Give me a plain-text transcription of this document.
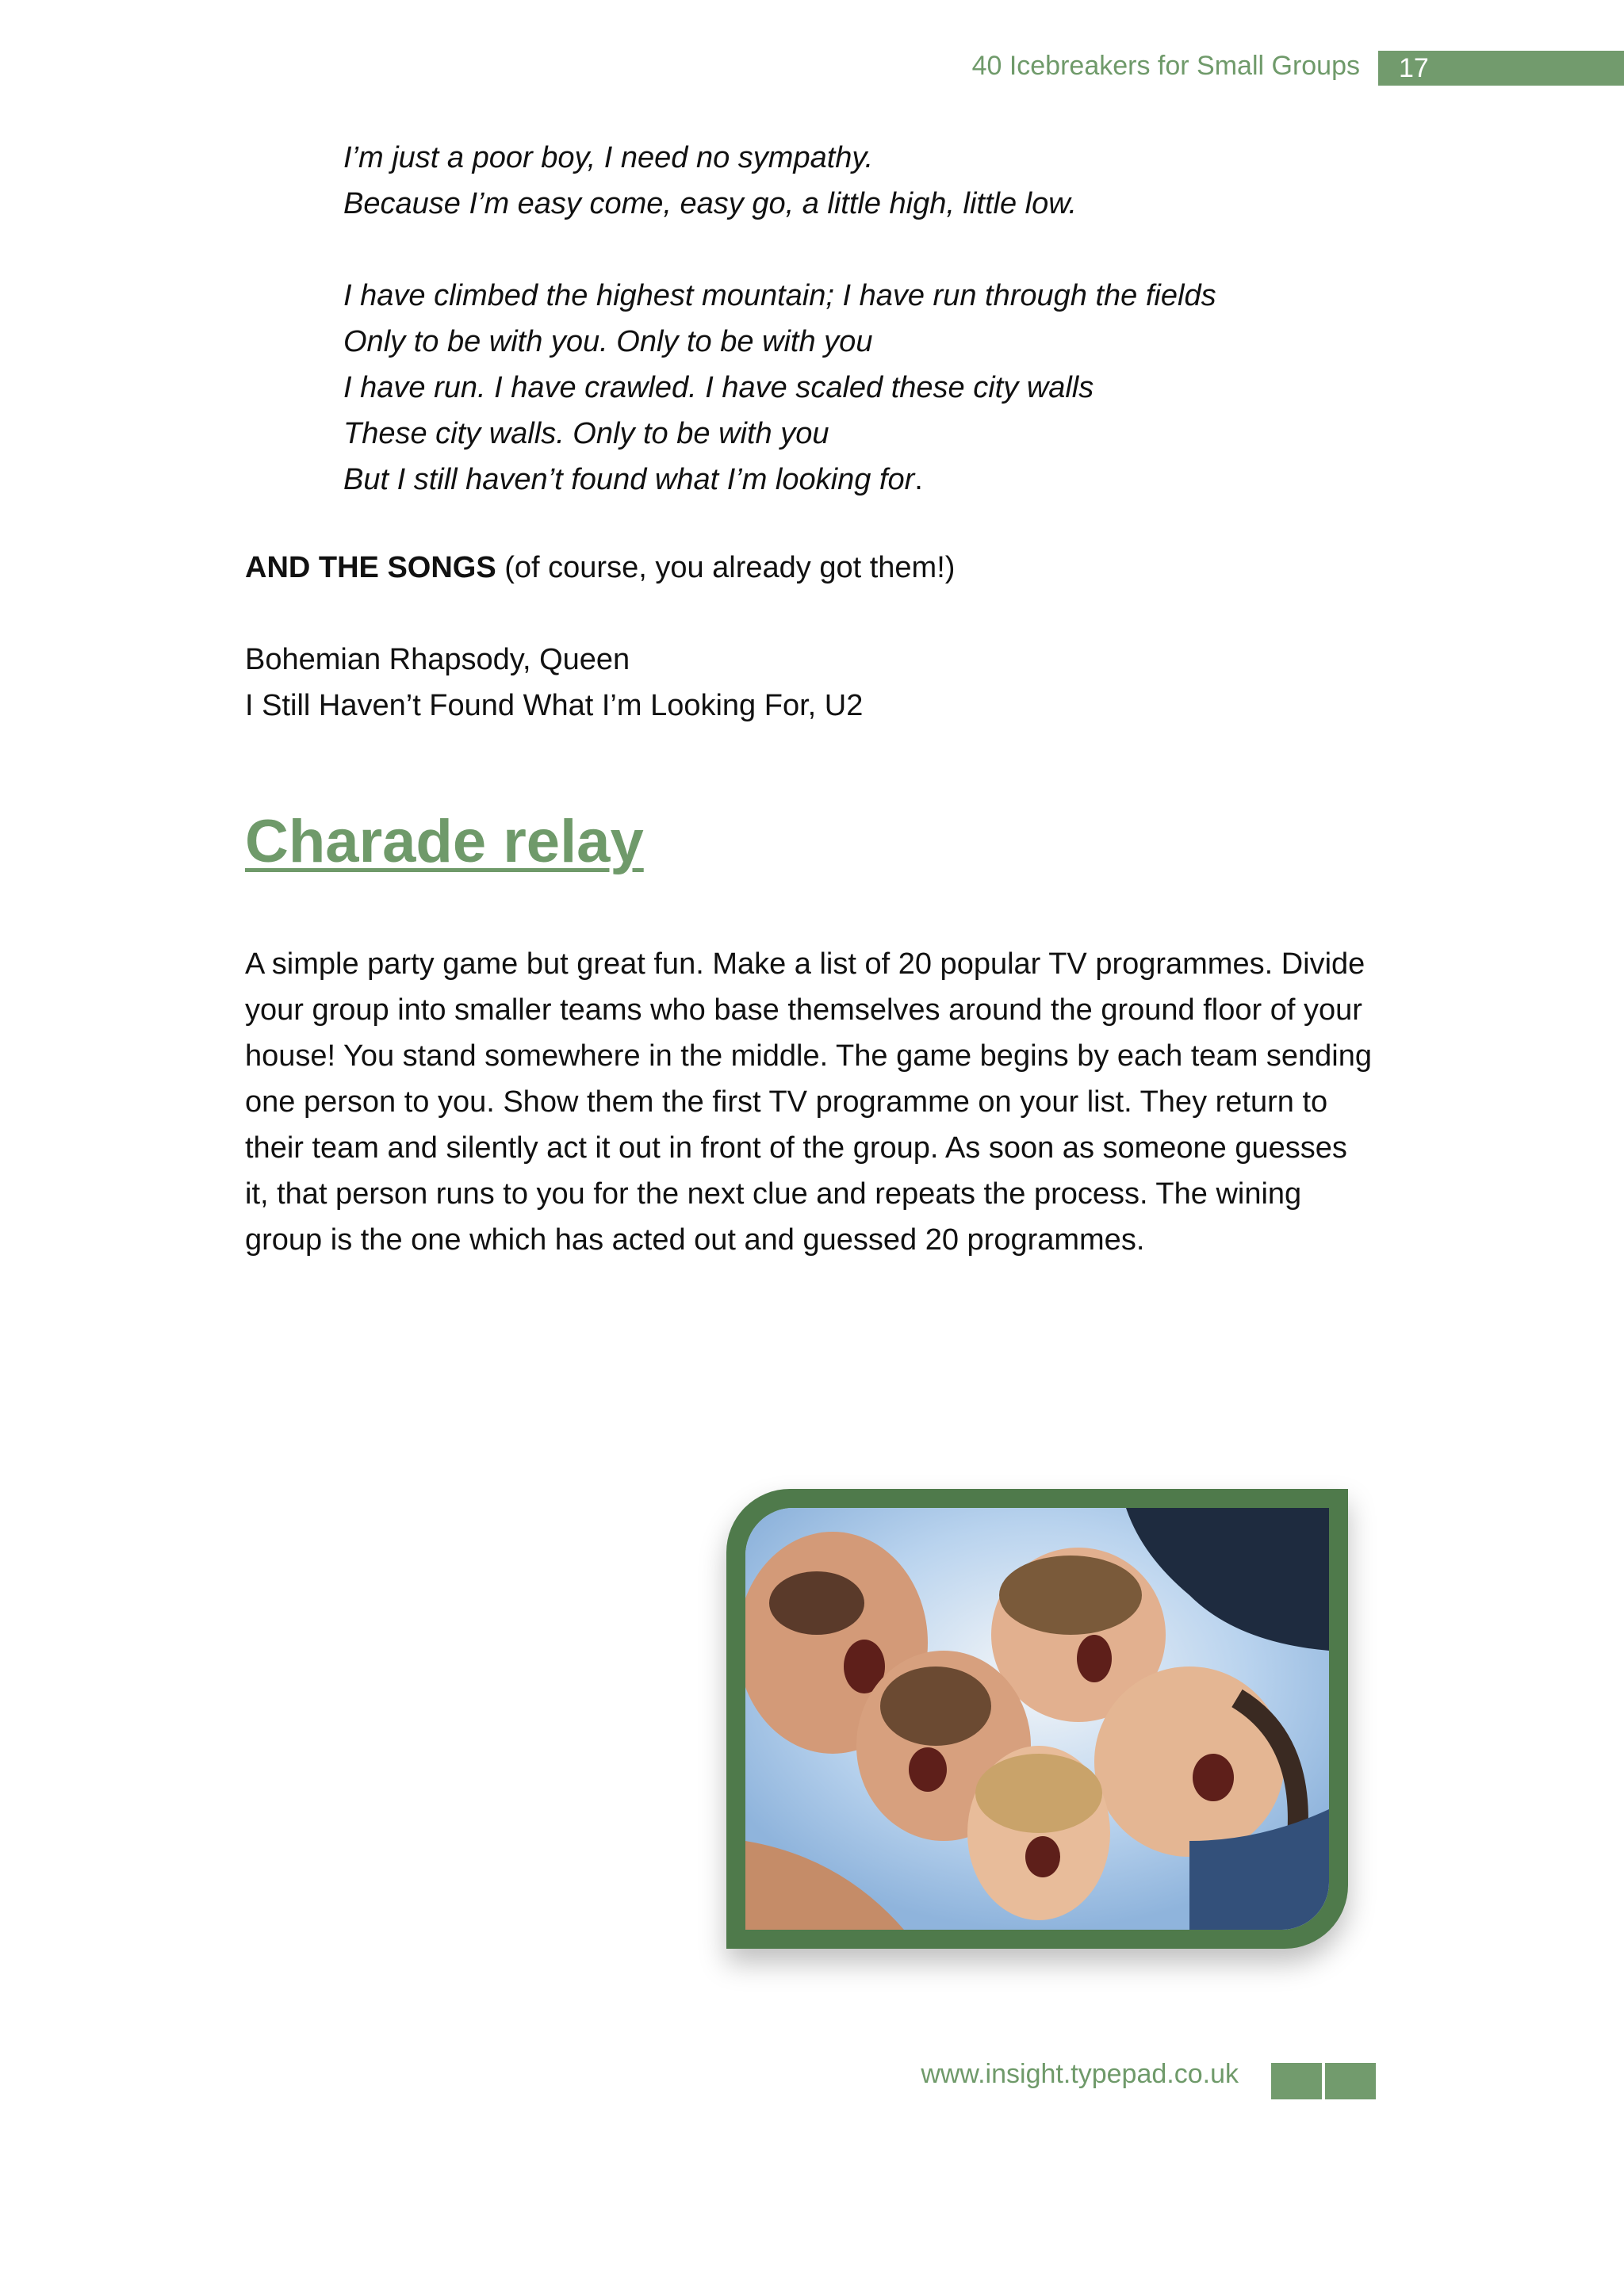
40 Icebreakers for Small Groups 17
I’m just a poor boy, I need no sympathy.
Because I’m easy come, easy go, a little high, little low.
I have climbed the highest mountain; I have run through the fields
Only to be with you. Only to be with you
I have run. I have crawled. I have scaled these city walls
These city walls. Only to be with you
But I still haven’t found what I’m looking for.
AND THE SONGS (of course, you already got them!)
Bohemian Rhapsody, Queen
I Still Haven’t Found What I’m Looking For, U2
Charade relay
A simple party game but great fun. Make a list of 20 popular TV programmes. Divide
your group into smaller teams who base themselves around the ground floor of your
house! You stand somewhere in the middle. The game begins by each team sending
one person to you. Show them the first TV programme on your list. They return to
their team and silently act it out in front of the group. As soon as someone guesses
it, that person runs to you for the next clue and repeats the process. The wining
group is the one which has acted out and guessed 20 programmes.
www.insight.typepad.co.uk
